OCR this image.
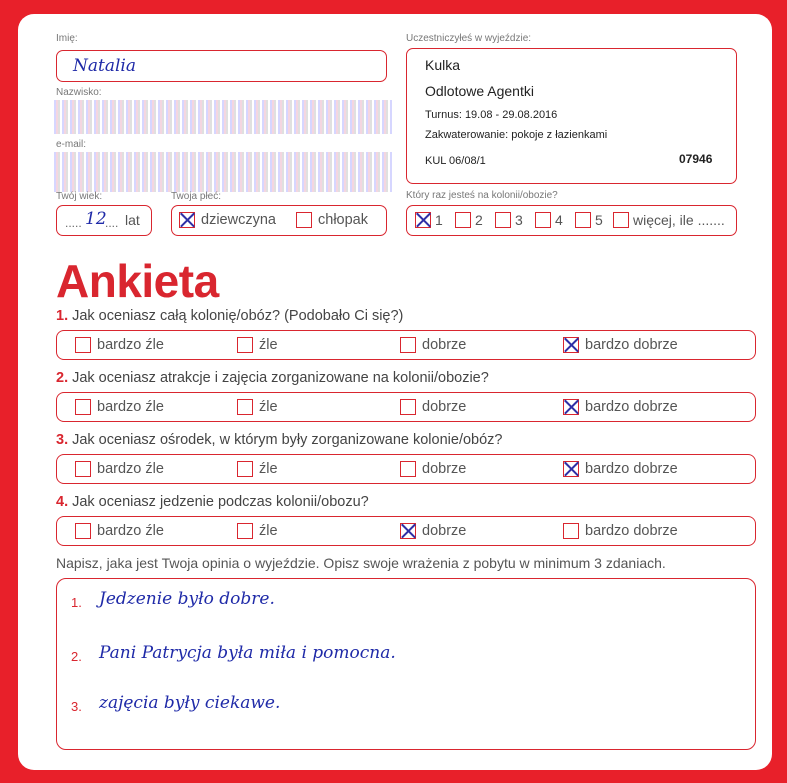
Imię:
Natalia
Nazwisko:
e-mail:
Twój wiek:
..... 12
.... lat
Twoja płeć:
dziewczyna	chłopak
Uczestniczyłeś w wyjeździe:
Kulka
Odlotowe Agentki
Turnus: 19.08 - 29.08.2016
Zakwaterowanie: pokoje z łazienkami
KUL 06/08/1	07946
Który raz jesteś na kolonii/obozie?
1 2 3 4 5 więcej, ile .......
Ankieta
1. Jak oceniasz całą kolonię/obóz? (Podobało Ci się?)
bardzo źle	źle	dobrze	bardzo dobrze
2. Jak oceniasz atrakcje i zajęcia zorganizowane na kolonii/obozie?
bardzo źle	źle	dobrze	bardzo dobrze
3. Jak oceniasz ośrodek, w którym były zorganizowane kolonie/obóz?
bardzo źle	źle	dobrze	bardzo dobrze
4. Jak oceniasz jedzenie podczas kolonii/obozu?
bardzo źle	źle	dobrze	bardzo dobrze
Napisz, jaka jest Twoja opinia o wyjeździe. Opisz swoje wrażenia z pobytu w minimum 3 zdaniach.
1. Jedzenie było dobre.
2. Pani Patrycja była miła i pomocna.
3. zajęcia były ciekawe.
